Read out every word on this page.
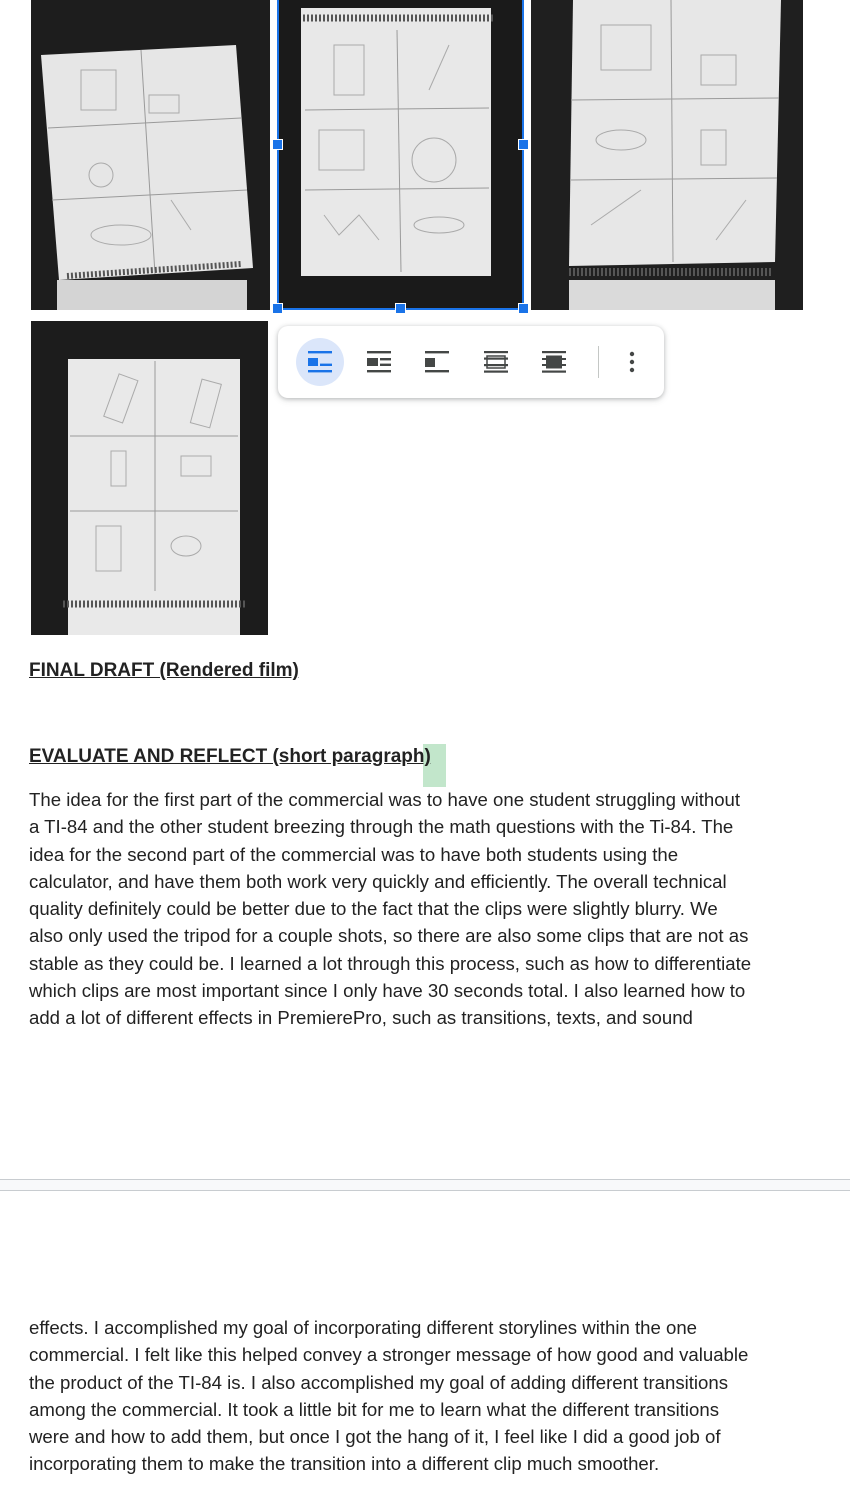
FINAL DRAFT (Rendered film)
EVALUATE AND REFLECT (short paragraph)
The idea for the first part of the commercial was to have one student struggling without
a TI-84 and the other student breezing through the math questions with the Ti-84. The
idea for the second part of the commercial was to have both students using the
calculator, and have them both work very quickly and efficiently. The overall technical
quality definitely could be better due to the fact that the clips were slightly blurry. We
also only used the tripod for a couple shots, so there are also some clips that are not as
stable as they could be. I learned a lot through this process, such as how to differentiate
which clips are most important since I only have 30 seconds total. I also learned how to
add a lot of different effects in PremierePro, such as transitions, texts, and sound
effects. I accomplished my goal of incorporating different storylines within the one
commercial. I felt like this helped convey a stronger message of how good and valuable
the product of the TI-84 is. I also accomplished my goal of adding different transitions
among the commercial. It took a little bit for me to learn what the different transitions
were and how to add them, but once I got the hang of it, I feel like I did a good job of
incorporating them to make the transition into a different clip much smoother.
